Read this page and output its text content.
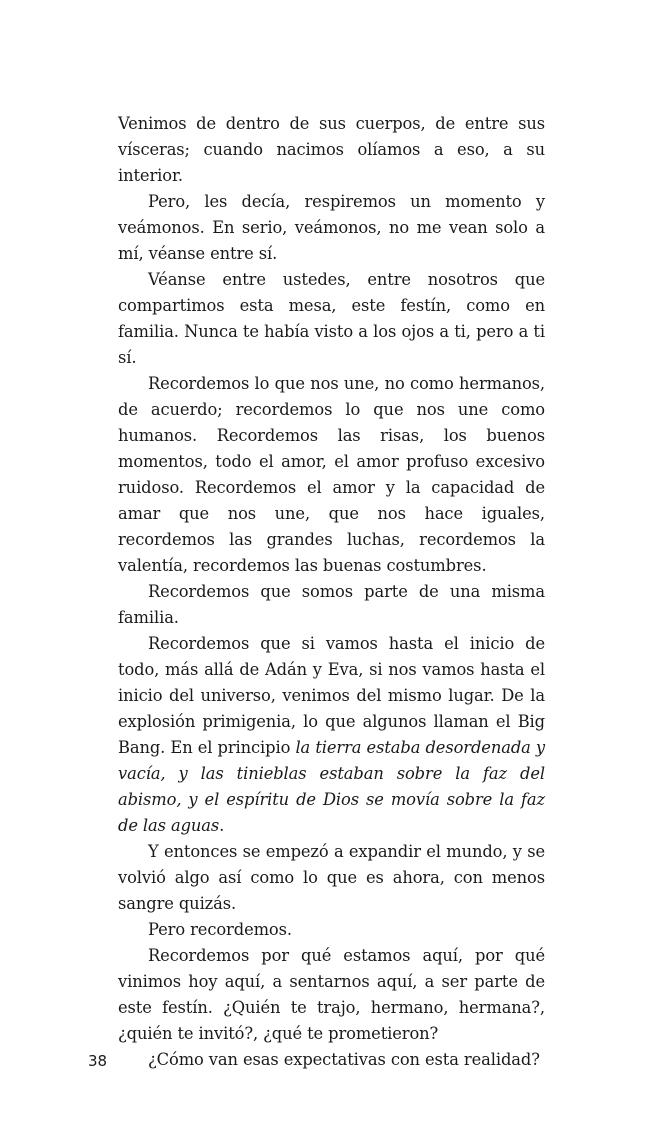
Venimos de dentro de sus cuerpos, de entre sus vísceras; cuando nacimos olíamos a eso, a su interior.

Pero, les decía, respiremos un momento y veámonos. En serio, veámonos, no me vean solo a mí, véanse entre sí.

Véanse entre ustedes, entre nosotros que compartimos esta mesa, este festín, como en familia. Nunca te había visto a los ojos a ti, pero a ti sí.

Recordemos lo que nos une, no como hermanos, de acuerdo; recordemos lo que nos une como humanos. Recordemos las risas, los buenos momentos, todo el amor, el amor profuso excesivo ruidoso. Recordemos el amor y la capacidad de amar que nos une, que nos hace iguales, recordemos las grandes luchas, recordemos la valentía, recordemos las buenas costumbres.

Recordemos que somos parte de una misma familia.

Recordemos que si vamos hasta el inicio de todo, más allá de Adán y Eva, si nos vamos hasta el inicio del universo, venimos del mismo lugar. De la explosión primigenia, lo que algunos llaman el Big Bang. En el principio la tierra estaba desordenada y vacía, y las tinieblas estaban sobre la faz del abismo, y el espíritu de Dios se movía sobre la faz de las aguas.

Y entonces se empezó a expandir el mundo, y se volvió algo así como lo que es ahora, con menos sangre quizás.

Pero recordemos.

Recordemos por qué estamos aquí, por qué vinimos hoy aquí, a sentarnos aquí, a ser parte de este festín. ¿Quién te trajo, hermano, hermana?, ¿quién te invitó?, ¿qué te prometieron?

¿Cómo van esas expectativas con esta realidad?

38
